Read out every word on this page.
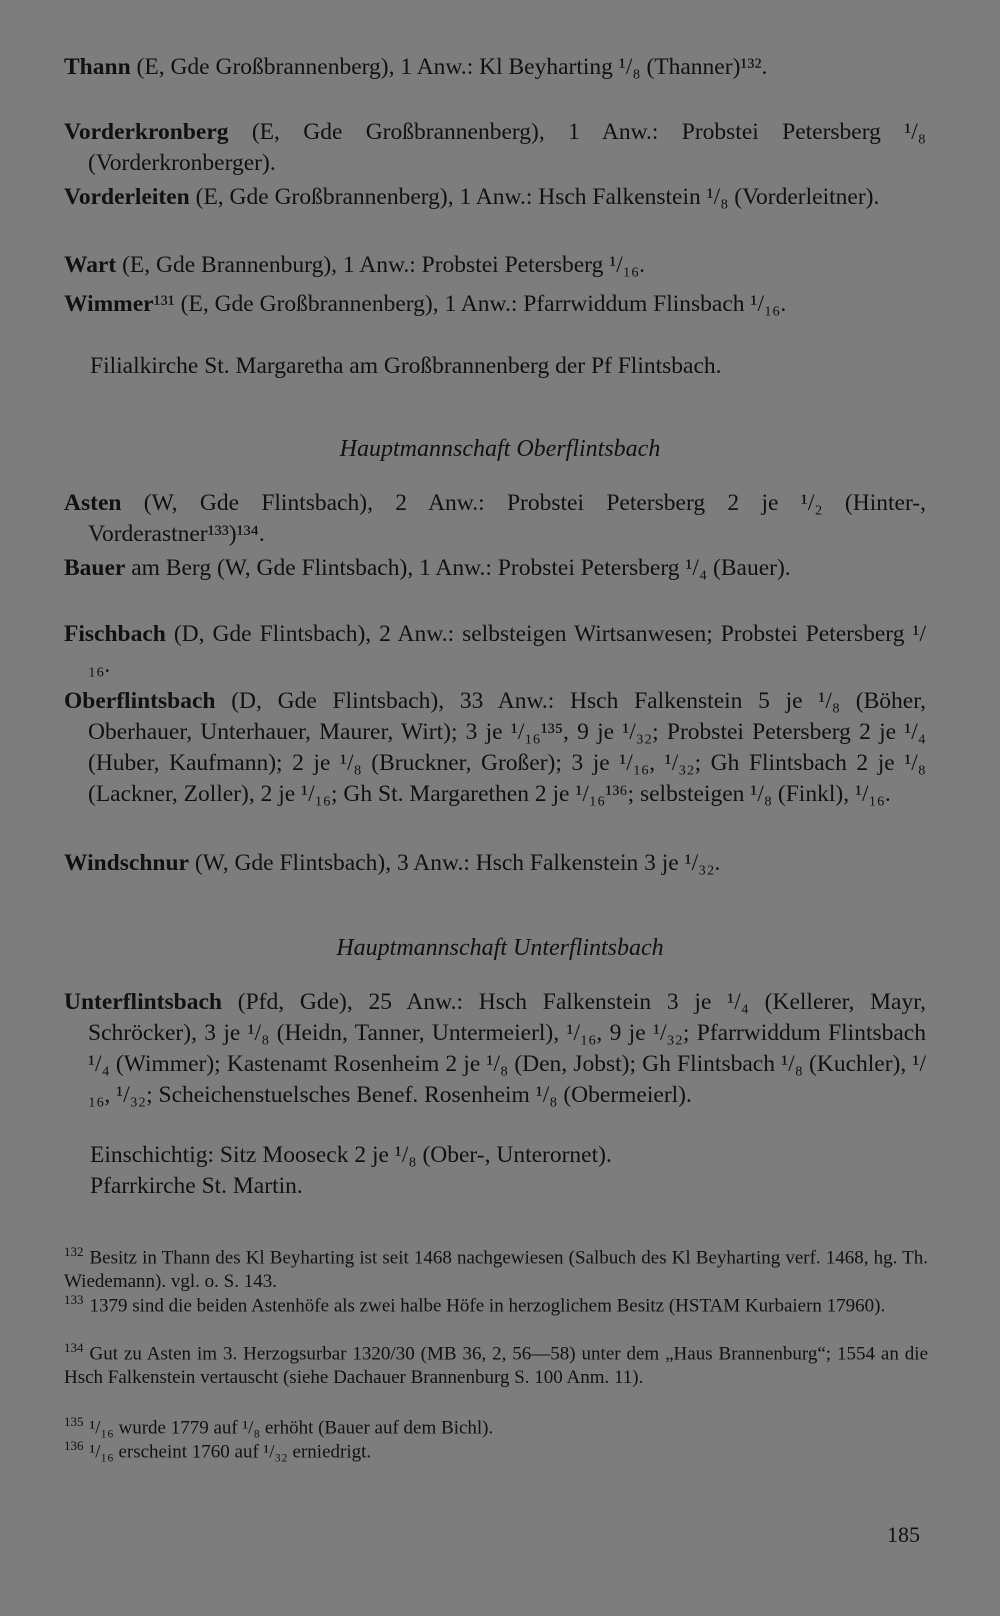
Thann (E, Gde Großbrannenberg), 1 Anw.: Kl Beyharting ¹/₈ (Thanner)¹³².
Vorderkronberg (E, Gde Großbrannenberg), 1 Anw.: Probstei Petersberg ¹/₈ (Vorderkronberger).
Vorderleiten (E, Gde Großbrannenberg), 1 Anw.: Hsch Falkenstein ¹/₈ (Vorderleitner).
Wart (E, Gde Brannenburg), 1 Anw.: Probstei Petersberg ¹/₁₆.
Wimmer¹³¹ (E, Gde Großbrannenberg), 1 Anw.: Pfarrwiddum Flinsbach ¹/₁₆.
Filialkirche St. Margaretha am Großbrannenberg der Pf Flintsbach.
Hauptmannschaft Oberflintsbach
Asten (W, Gde Flintsbach), 2 Anw.: Probstei Petersberg 2 je ¹/₂ (Hinter-, Vorderastner¹³³)¹³⁴.
Bauer am Berg (W, Gde Flintsbach), 1 Anw.: Probstei Petersberg ¹/₄ (Bauer).
Fischbach (D, Gde Flintsbach), 2 Anw.: selbsteigen Wirtsanwesen; Probstei Petersberg ¹/₁₆.
Oberflintsbach (D, Gde Flintsbach), 33 Anw.: Hsch Falkenstein 5 je ¹/₈ (Böher, Oberhauer, Unterhauer, Maurer, Wirt); 3 je ¹/₁₆¹³⁵, 9 je ¹/₃₂; Probstei Petersberg 2 je ¹/₄ (Huber, Kaufmann); 2 je ¹/₈ (Bruckner, Großer); 3 je ¹/₁₆, ¹/₃₂; Gh Flintsbach 2 je ¹/₈ (Lackner, Zoller), 2 je ¹/₁₆; Gh St. Margarethen 2 je ¹/₁₆¹³⁶; selbsteigen ¹/₈ (Finkl), ¹/₁₆.
Windschnur (W, Gde Flintsbach), 3 Anw.: Hsch Falkenstein 3 je ¹/₃₂.
Hauptmannschaft Unterflintsbach
Unterflintsbach (Pfd, Gde), 25 Anw.: Hsch Falkenstein 3 je ¹/₄ (Kellerer, Mayr, Schröcker), 3 je ¹/₈ (Heidn, Tanner, Untermeierl), ¹/₁₆, 9 je ¹/₃₂; Pfarrwiddum Flintsbach ¹/₄ (Wimmer); Kastenamt Rosenheim 2 je ¹/₈ (Den, Jobst); Gh Flintsbach ¹/₈ (Kuchler), ¹/₁₆, ¹/₃₂; Scheichenstuelsches Benef. Rosenheim ¹/₈ (Obermeierl).
Einschichtig: Sitz Mooseck 2 je ¹/₈ (Ober-, Unterornet).
Pfarrkirche St. Martin.
$^{132}$ Besitz in Thann des Kl Beyharting ist seit 1468 nachgewiesen (Salbuch des Kl Beyharting verf. 1468, hg. Th. Wiedemann). vgl. o. S. 143.
$^{133}$ 1379 sind die beiden Astenhöfe als zwei halbe Höfe in herzoglichem Besitz (HSTAM Kurbaiern 17960).
$^{134}$ Gut zu Asten im 3. Herzogsurbar 1320/30 (MB 36, 2, 56—58) unter dem „Haus Brannenburg“; 1554 an die Hsch Falkenstein vertauscht (siehe Dachauer Brannenburg S. 100 Anm. 11).
$^{135}$ ¹/₁₆ wurde 1779 auf ¹/₈ erhöht (Bauer auf dem Bichl).
$^{136}$ ¹/₁₆ erscheint 1760 auf ¹/₃₂ erniedrigt.
185
